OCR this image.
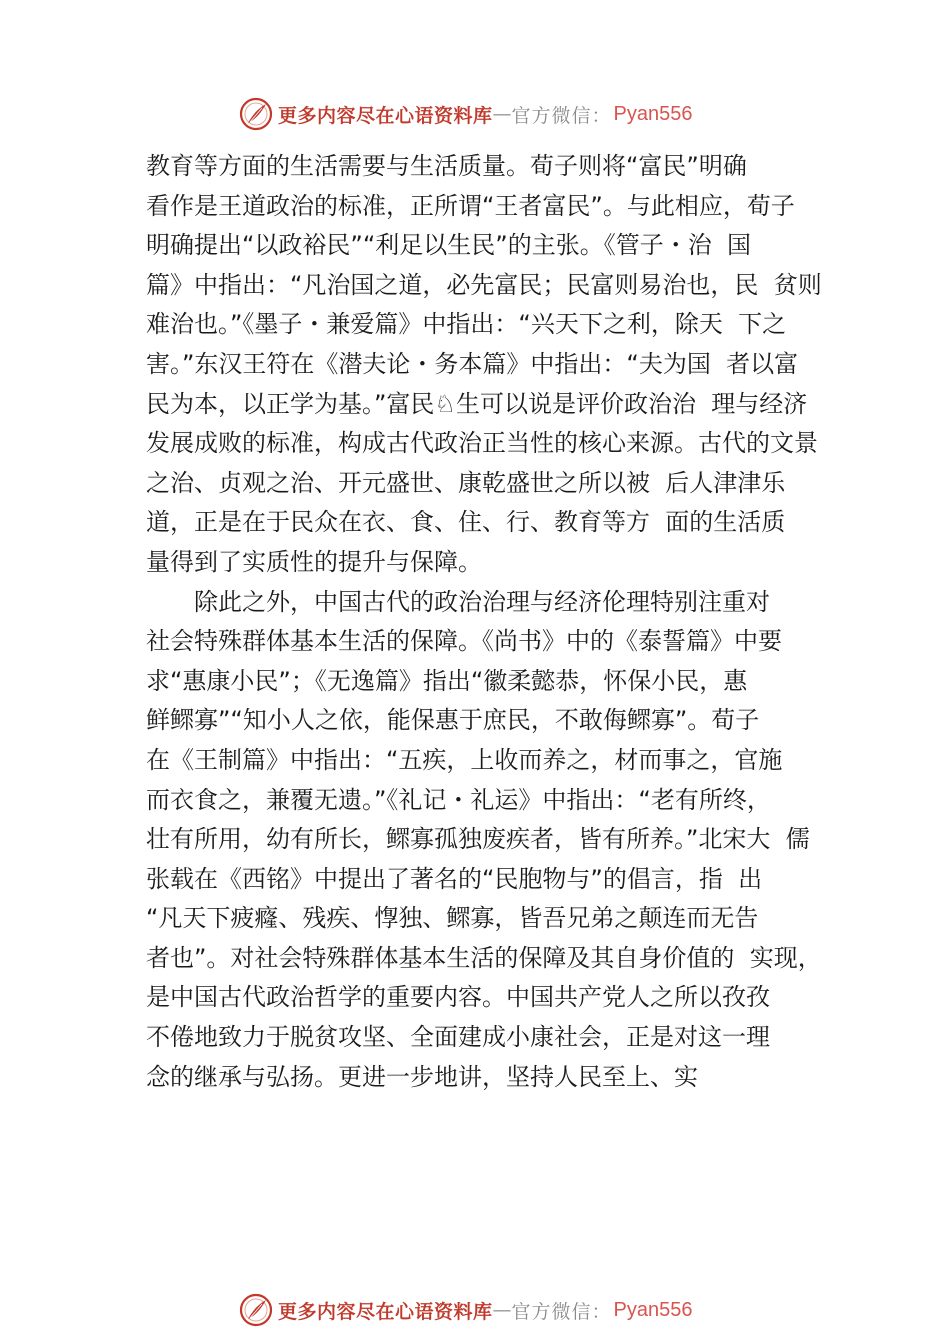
更多内容尽在心语资料库 — 官方微信： Pyan556
教育等方面的生活需要与生活质量。荀子则将“富民”明确
看作是王道政治的标准，正所谓“王者富民”。与此相应，荀子
明确提出“以政裕民”“利足以生民”的主张。《管子・治  国
篇》中指出：“凡治国之道，必先富民；民富则易治也，民  贫则
难治也。”《墨子・兼爱篇》中指出：“兴天下之利，除天  下之
害。”东汉王符在《潜夫论・务本篇》中指出：“夫为国  者以富
民为本，以正学为基。”富民♘生可以说是评价政治治  理与经济
发展成败的标准，构成古代政治正当性的核心来源。古代的文景
之治、贞观之治、开元盛世、康乾盛世之所以被  后人津津乐
道，正是在于民众在衣、食、住、行、教育等方  面的生活质
量得到了实质性的提升与保障。
除此之外，中国古代的政治治理与经济伦理特别注重对
社会特殊群体基本生活的保障。《尚书》中的《泰誓篇》中要
求“惠康小民”；《无逸篇》指出“徽柔懿恭，怀保小民，惠
鲜鳏寡”“知小人之依，能保惠于庶民，不敢侮鳏寡”。荀子
在《王制篇》中指出：“五疾，上收而养之，材而事之，官施
而衣食之，兼覆无遗。”《礼记・礼运》中指出：“老有所终，
壮有所用，幼有所长，鳏寡孤独废疾者，皆有所养。”北宋大  儒
张载在《西铭》中提出了著名的“民胞物与”的倡言，指  出
“凡天下疲癃、残疾、惸独、鳏寡，皆吾兄弟之颠连而无告
者也”。对社会特殊群体基本生活的保障及其自身价值的  实现，
是中国古代政治哲学的重要内容。中国共产党人之所以孜孜
不倦地致力于脱贫攻坚、全面建成小康社会，正是对这一理
念的继承与弘扬。更进一步地讲，坚持人民至上、实
更多内容尽在心语资料库 — 官方微信： Pyan556
